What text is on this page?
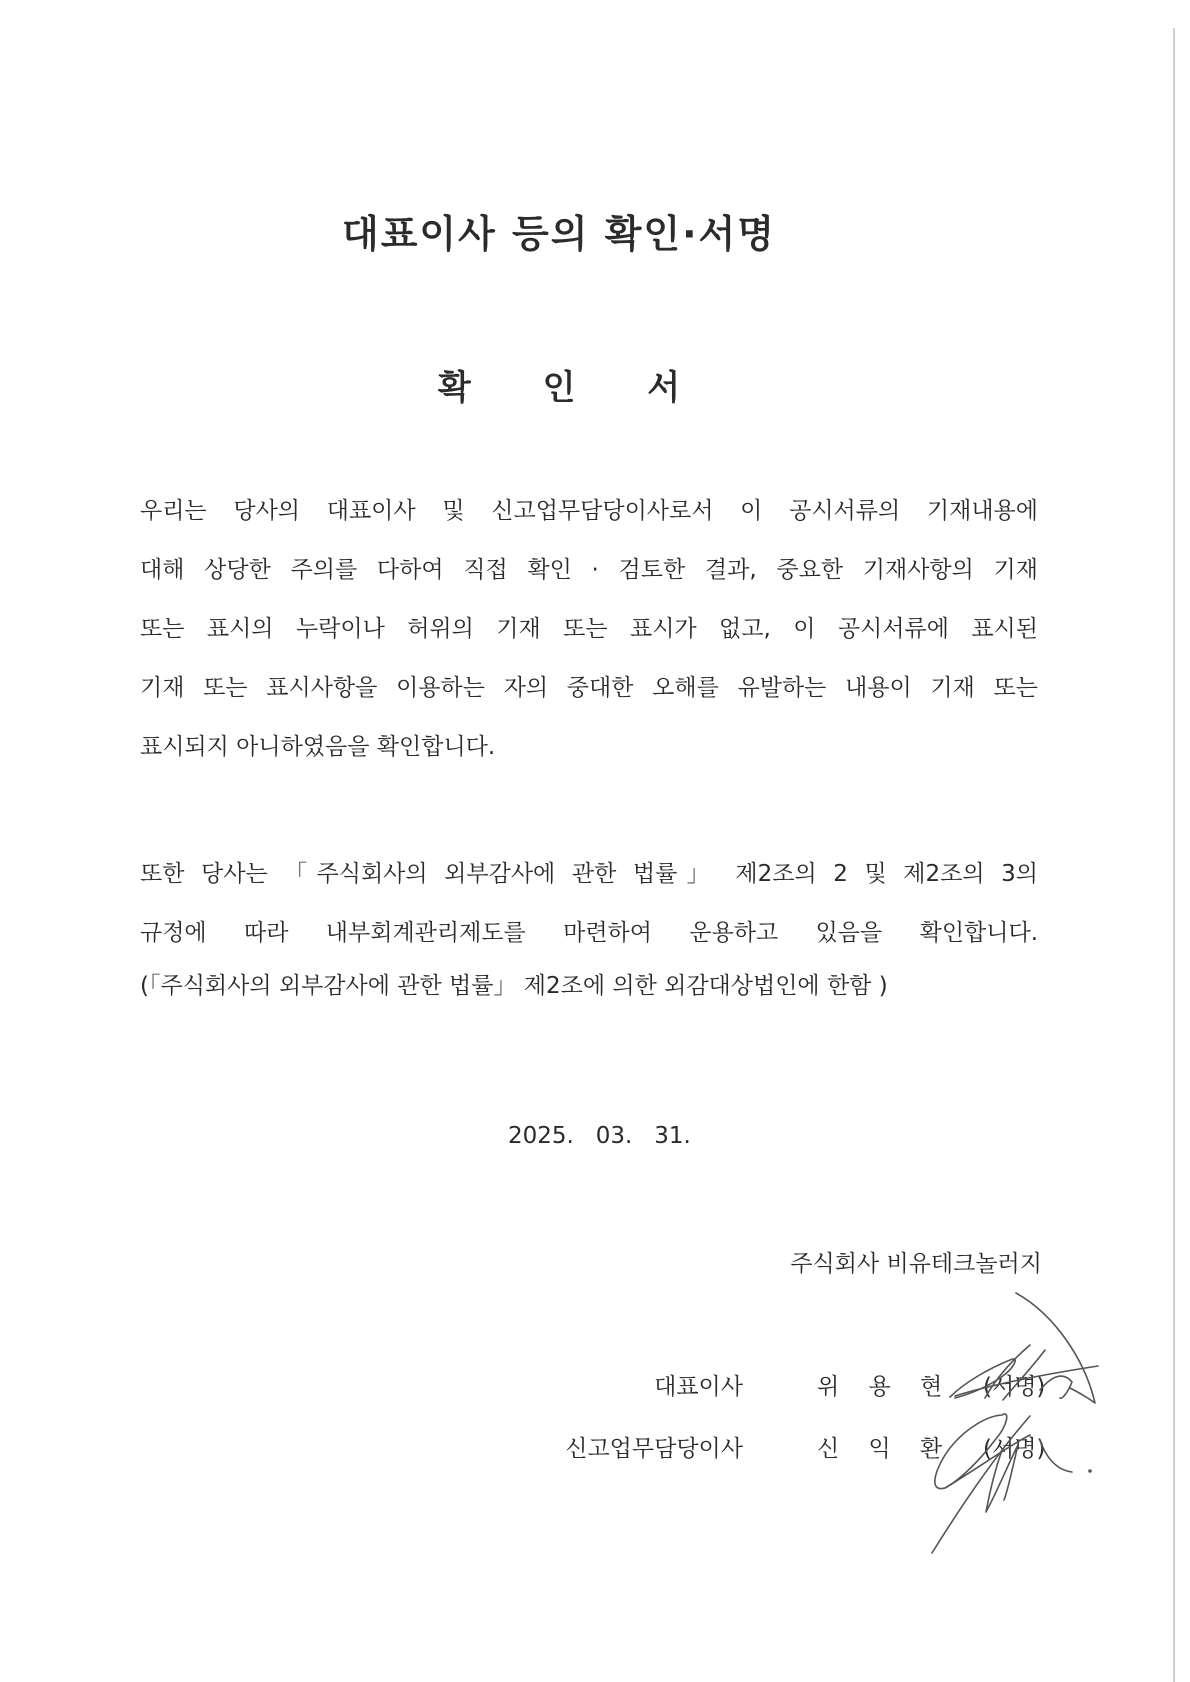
대표이사 등의 확인·서명
확 인 서
우리는 당사의 대표이사 및 신고업무담당이사로서 이 공시서류의 기재내용에
대해 상당한 주의를 다하여 직접 확인 · 검토한 결과, 중요한 기재사항의 기재
또는 표시의 누락이나 허위의 기재 또는 표시가 없고, 이 공시서류에 표시된
기재 또는 표시사항을 이용하는 자의 중대한 오해를 유발하는 내용이 기재 또는
표시되지 아니하였음을 확인합니다.
또한 당사는 「주식회사의 외부감사에 관한 법률」 제2조의 2 및 제2조의 3의
규정에 따라 내부회계관리제도를 마련하여 운용하고 있음을 확인합니다.
(「주식회사의 외부감사에 관한 법률」 제2조에 의한 외감대상법인에 한함 )
2025.   03.   31.
주식회사 비유테크놀러지
대표이사	위 용 현 (서명)
신고업무담당이사	신 익 환 (서명)
